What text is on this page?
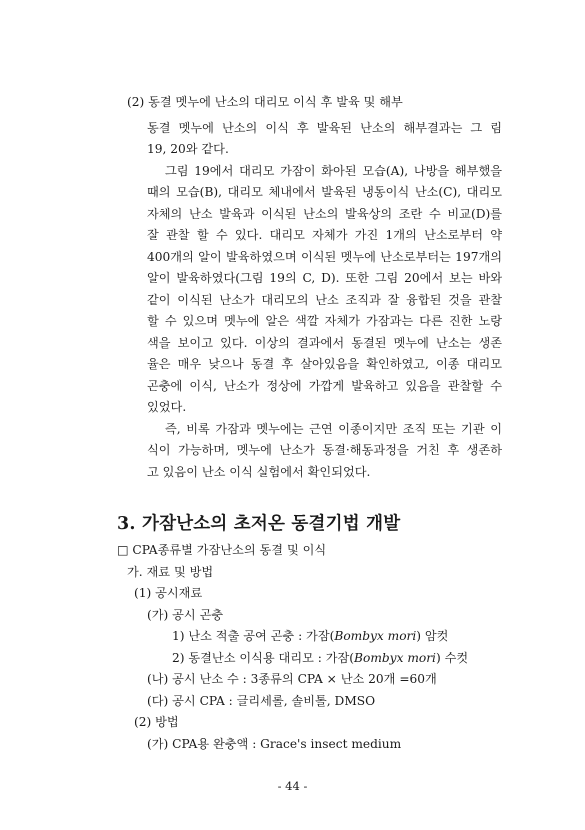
(2) 동결 멧누에 난소의 대리모 이식 후 발육 및 해부
동결 멧누에 난소의 이식 후 발육된 난소의 해부결과는 그 림
19, 20와 같다.
그림 19에서 대리모 가잠이 화아된 모습(A), 나방을 해부했을
때의 모습(B), 대리모 체내에서 발육된 냉동이식 난소(C), 대리모
자체의 난소 발육과 이식된 난소의 발육상의 조란 수 비교(D)를
잘 관찰 할 수 있다. 대리모 자체가 가진 1개의 난소로부터 약
400개의 알이 발육하였으며 이식된 멧누에 난소로부터는 197개의
알이 발육하였다(그림 19의 C, D). 또한 그림 20에서 보는 바와
같이 이식된 난소가 대리모의 난소 조직과 잘 융합된 것을 관찰
할 수 있으며 멧누에 알은 색깔 자체가 가잠과는 다른 진한 노랑
색을 보이고 있다. 이상의 결과에서 동결된 멧누에 난소는 생존
율은 매우 낮으나 동결 후 살아있음을 확인하였고, 이종 대리모
곤충에 이식, 난소가 정상에 가깝게 발육하고 있음을 관찰할 수
있었다.
즉, 비록 가잠과 멧누에는 근연 이종이지만 조직 또는 기관 이
식이 가능하며, 멧누에 난소가 동결·해동과정을 거친 후 생존하
고 있음이 난소 이식 실험에서 확인되었다.
3. 가잠난소의 초저온 동결기법 개발
□ CPA종류별 가잠난소의 동결 및 이식
가. 재료 및 방법
(1) 공시재료
(가) 공시 곤충
1) 난소 적출 공여 곤충 : 가잠(Bombyx mori) 암컷
2) 동결난소 이식용 대리모 : 가잠(Bombyx mori) 수컷
(나) 공시 난소 수 : 3종류의 CPA × 난소 20개 =60개
(다) 공시 CPA : 글리세롤, 솔비톨, DMSO
(2) 방법
(가) CPA용 완충액 : Grace's insect medium
- 44 -
